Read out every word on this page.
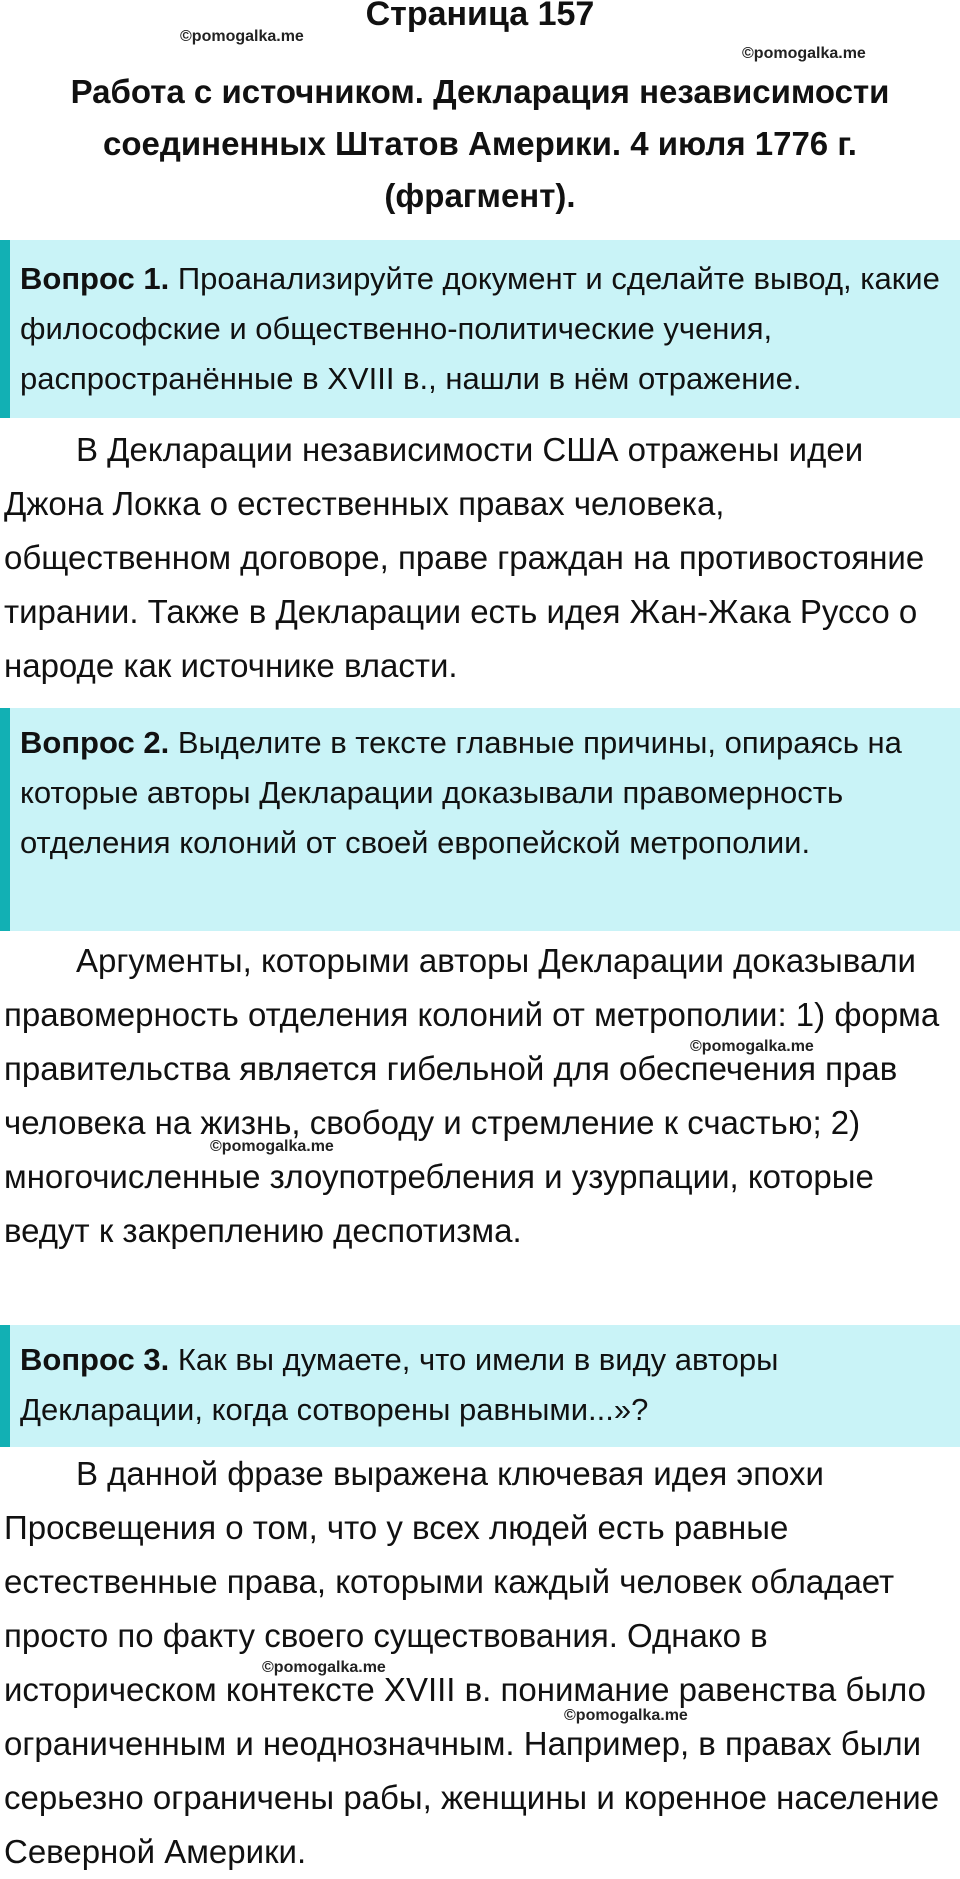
Страница 157
©pomogalka.me
©pomogalka.me
Работа с источником. Декларация независимости соединенных Штатов Америки. 4 июля 1776 г. (фрагмент).
Вопрос 1. Проанализируйте документ и сделайте вывод, какие философские и общественно-политические учения, распространённые в XVIII в., нашли в нём отражение.

В Декларации независимости США отражены идеи Джона Локка о естественных правах человека, общественном договоре, праве граждан на противостояние тирании. Также в Декларации есть идея Жан-Жака Руссо о народе как источнике власти.

Вопрос 2. Выделите в тексте главные причины, опираясь на которые авторы Декларации доказывали правомерность отделения колоний от своей европейской метрополии.

Аргументы, которыми авторы Декларации доказывали правомерность отделения колоний от метрополии: 1) форма правительства является гибельной для обеспечения прав человека на жизнь, свободу и стремление к счастью; 2) многочисленные злоупотребления и узурпации, которые ведут к закреплению деспотизма.

©pomogalka.me
©pomogalka.me
Вопрос 3. Как вы думаете, что имели в виду авторы Декларации, когда сотворены равными...»?

В данной фразе выражена ключевая идея эпохи Просвещения о том, что у всех людей есть равные естественные права, которыми каждый человек обладает просто по факту своего существования. Однако в историческом контексте XVIII в. понимание равенства было ограниченным и неоднозначным. Например, в правах были серьезно ограничены рабы, женщины и коренное население Северной Америки.

©pomogalka.me
©pomogalka.me
